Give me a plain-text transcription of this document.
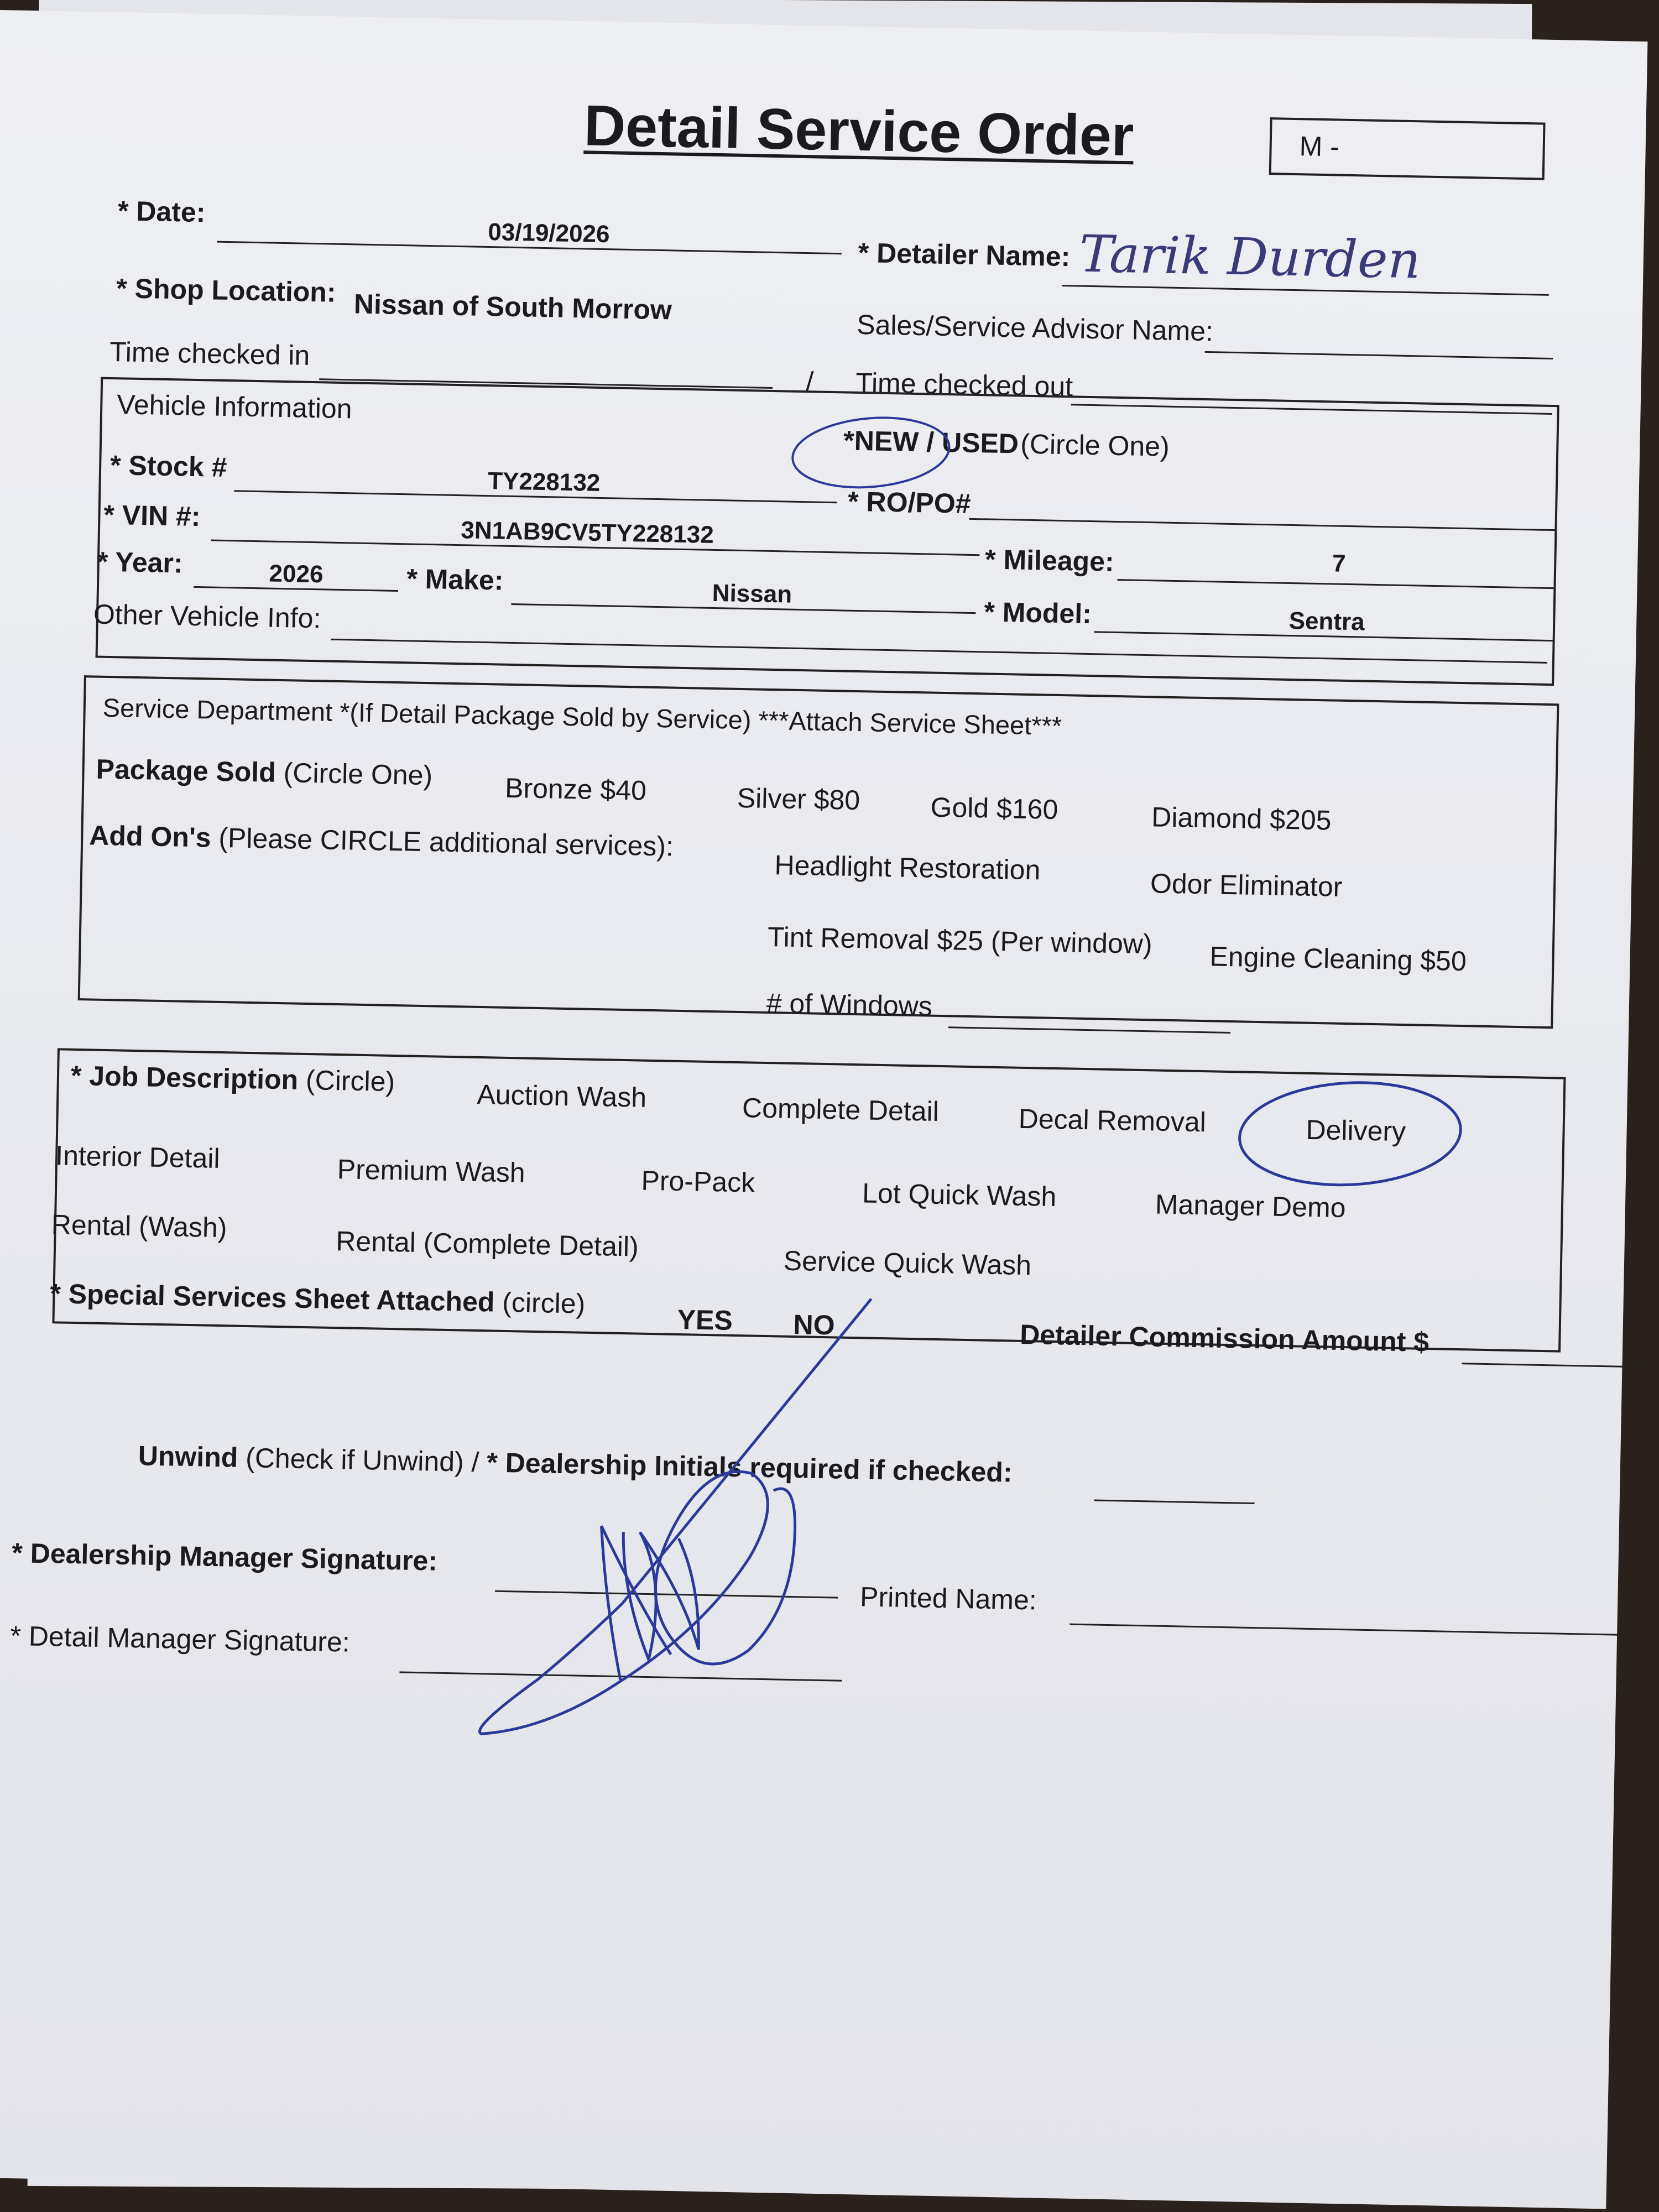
Detail Service Order	M -
* Date:
03/19/2026
* Detailer Name: Tarik Durden
* Shop Location: Nissan of South Morrow
Sales/Service Advisor Name:
Time checked in
/ Time checked out
Vehicle Information
*NEW / USED (Circle One)
* Stock #	TY228132
* RO/PO#
* VIN #:
3N1AB9CV5TY228132
* Mileage:	7
* Year:	2026	* Make:	Nissan
* Model:	Sentra
Other Vehicle Info:
Service Department *(If Detail Package Sold by Service) ***Attach Service Sheet***
Package Sold (Circle One)	Bronze $40	Silver $80	Gold $160	Diamond $205
Add On's (Please CIRCLE additional services):
Headlight Restoration	Odor Eliminator
Tint Removal $25 (Per window) Engine Cleaning $50
# of Windows
* Job Description (Circle)	Auction Wash	Complete Detail	Decal Removal	Delivery
Interior Detail	Premium Wash	Pro-Pack	Lot Quick Wash	Manager Demo
Rental (Wash)	Rental (Complete Detail)
Service Quick Wash
* Special Services Sheet Attached (circle)
YES NO	Detailer Commission Amount $
Unwind (Check if Unwind) / * Dealership Initials required if checked:
* Dealership Manager Signature:
Printed Name:
* Detail Manager Signature:
